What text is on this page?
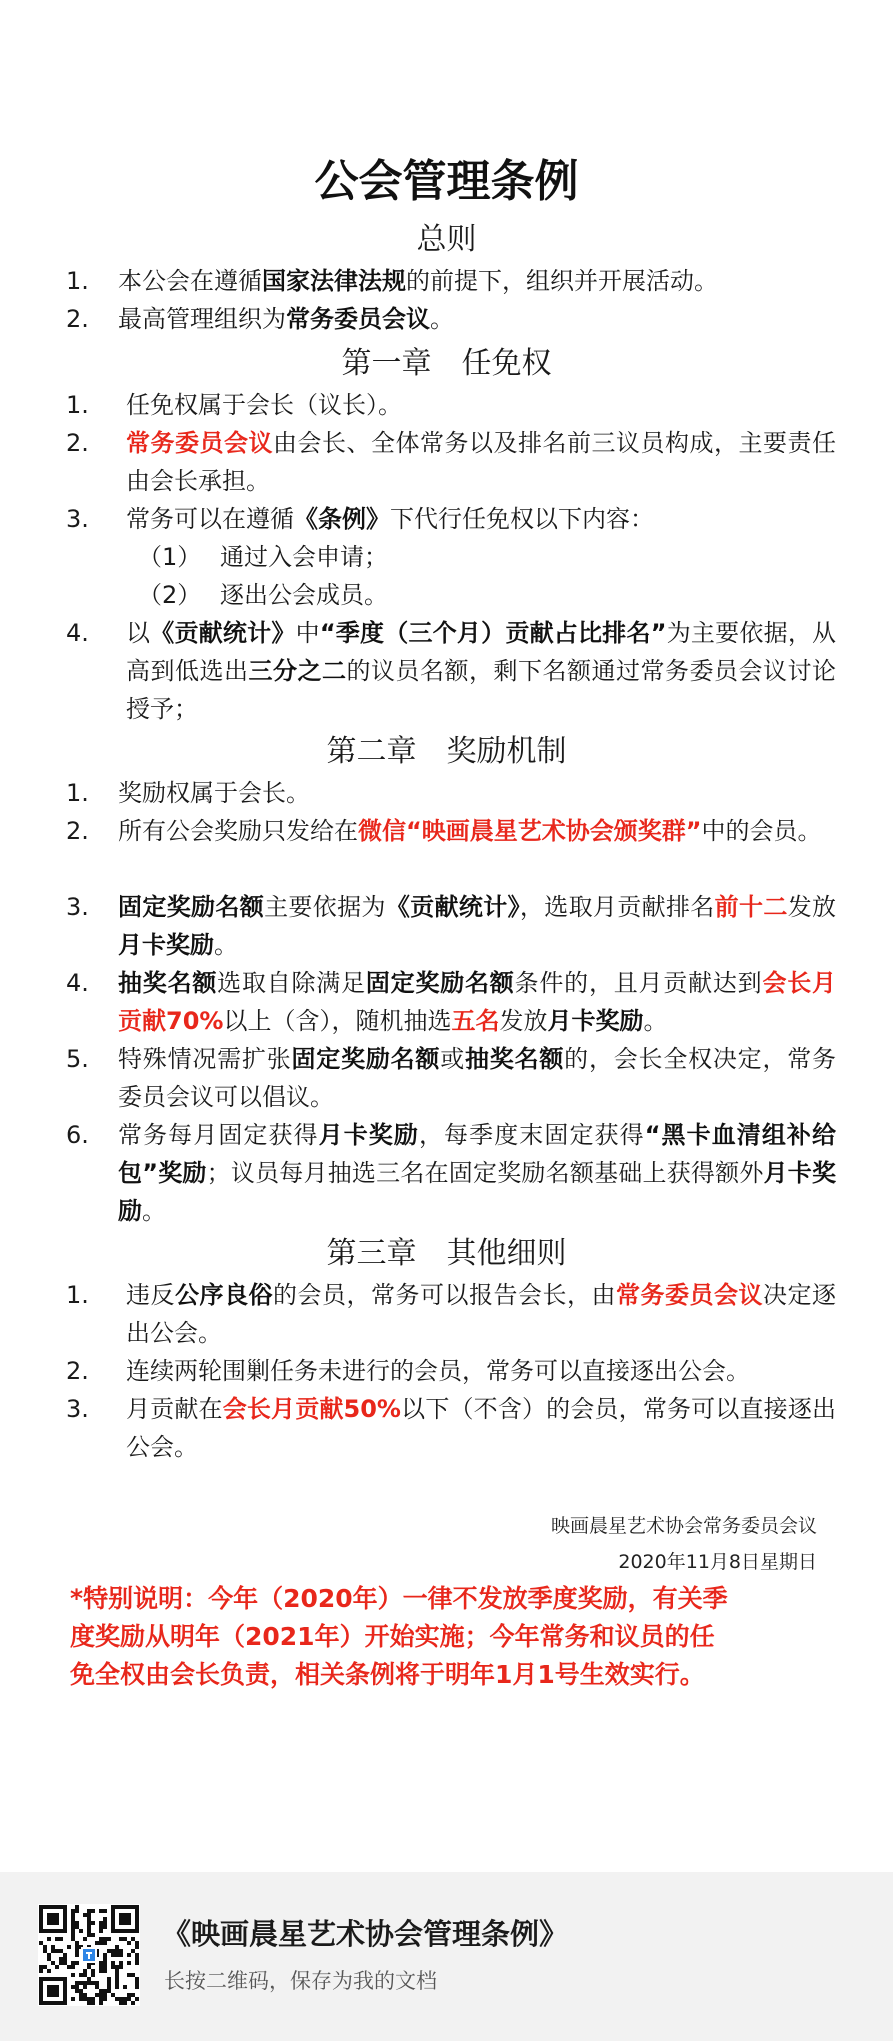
公会管理条例
总则
1.	本公会在遵循国家法律法规的前提下，组织并开展活动。
2.	最高管理组织为常务委员会议。
第一章　任免权
1.	任免权属于会长（议长）。
2.	常务委员会议由会长、全体常务以及排名前三议员构成，主要责任由会长承担。
3.	常务可以在遵循《条例》下代行任免权以下内容：
（1） 通过入会申请；
（2） 逐出公会成员。
4.	以《贡献统计》中“季度（三个月）贡献占比排名”为主要依据，从高到低选出三分之二的议员名额，剩下名额通过常务委员会议讨论授予；
第二章　奖励机制
1.	奖励权属于会长。
2.	所有公会奖励只发给在微信“映画晨星艺术协会颁奖群”中的会员。
3.	固定奖励名额主要依据为《贡献统计》，选取月贡献排名前十二发放月卡奖励。
4.	抽奖名额选取自除满足固定奖励名额条件的，且月贡献达到会长月贡献70%以上（含），随机抽选五名发放月卡奖励。
5.	特殊情况需扩张固定奖励名额或抽奖名额的，会长全权决定，常务委员会议可以倡议。
6.	常务每月固定获得月卡奖励，每季度末固定获得“黑卡血清组补给包”奖励；议员每月抽选三名在固定奖励名额基础上获得额外月卡奖励。
第三章　其他细则
1.	违反公序良俗的会员，常务可以报告会长，由常务委员会议决定逐出公会。
2.	连续两轮围剿任务未进行的会员，常务可以直接逐出公会。
3.	月贡献在会长月贡献50%以下（不含）的会员，常务可以直接逐出公会。
映画晨星艺术协会常务委员会议
2020年11月8日星期日
*特别说明：今年（2020年）一律不发放季度奖励，有关季度奖励从明年（2021年）开始实施；今年常务和议员的任免全权由会长负责，相关条例将于明年1月1号生效实行。
《映画晨星艺术协会管理条例》
长按二维码，保存为我的文档
